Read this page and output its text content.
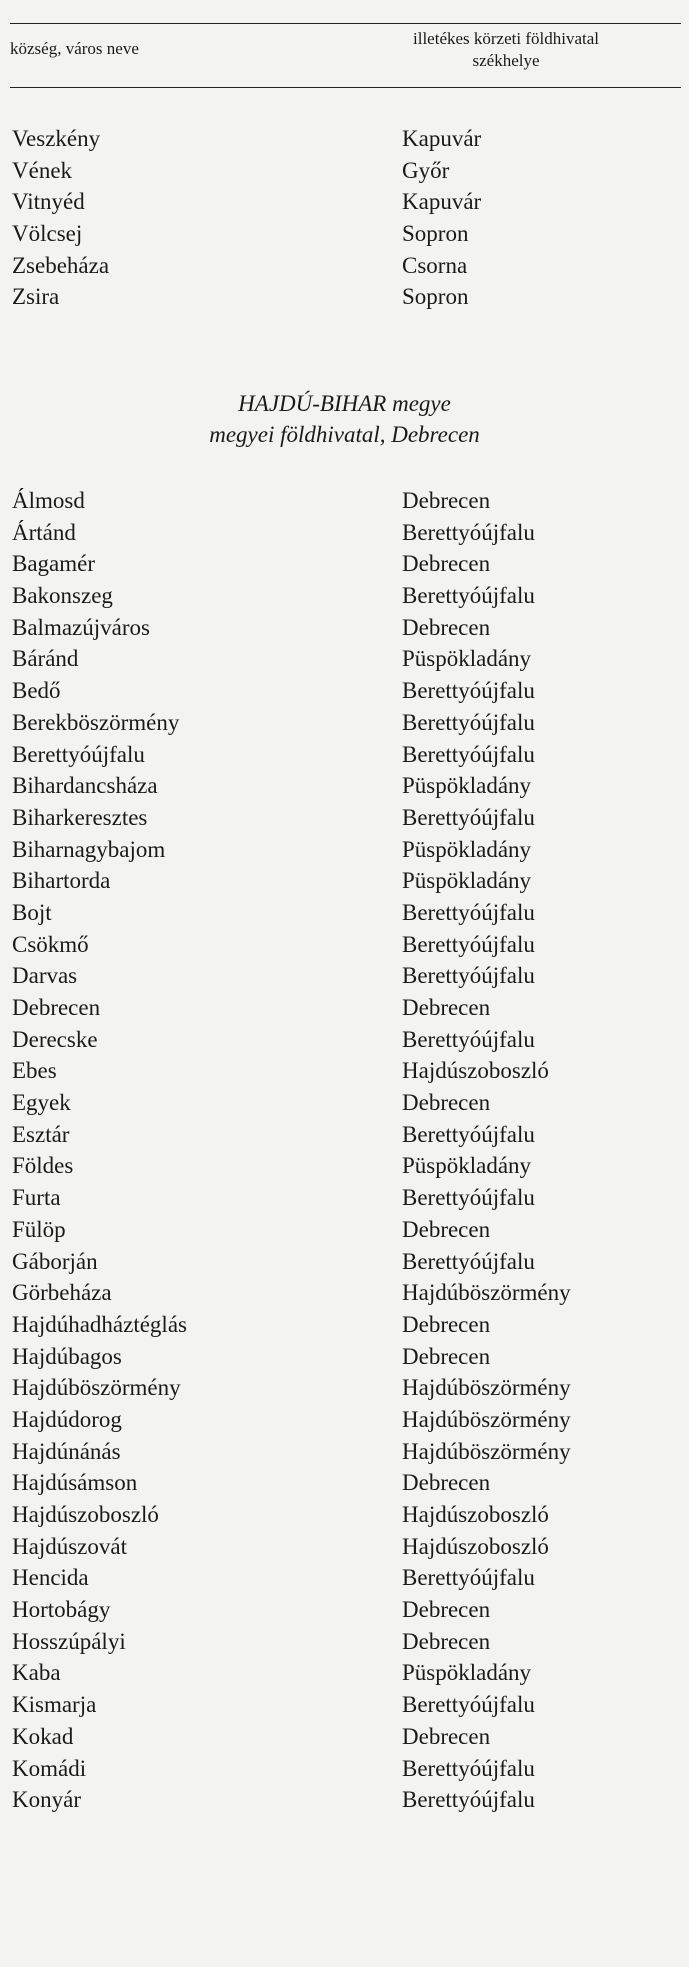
község, város neve
illetékes körzeti földhivatal
székhelye
Veszkény	Kapuvár
Vének	Győr
Vitnyéd	Kapuvár
Völcsej	Sopron
Zsebeháza	Csorna
Zsira	Sopron
HAJDÚ-BIHAR megye
megyei földhivatal, Debrecen
Álmosd	Debrecen
Ártánd	Berettyóújfalu
Bagamér	Debrecen
Bakonszeg	Berettyóújfalu
Balmazújváros	Debrecen
Báránd	Püspökladány
Bedő	Berettyóújfalu
Berekböszörmény	Berettyóújfalu
Berettyóújfalu	Berettyóújfalu
Bihardancsháza	Püspökladány
Biharkeresztes	Berettyóújfalu
Biharnagybajom	Püspökladány
Bihartorda	Püspökladány
Bojt	Berettyóújfalu
Csökmő	Berettyóújfalu
Darvas	Berettyóújfalu
Debrecen	Debrecen
Derecske	Berettyóújfalu
Ebes	Hajdúszoboszló
Egyek	Debrecen
Esztár	Berettyóújfalu
Földes	Püspökladány
Furta	Berettyóújfalu
Fülöp	Debrecen
Gáborján	Berettyóújfalu
Görbeháza	Hajdúböszörmény
Hajdúhadháztéglás	Debrecen
Hajdúbagos	Debrecen
Hajdúböszörmény	Hajdúböszörmény
Hajdúdorog	Hajdúböszörmény
Hajdúnánás	Hajdúböszörmény
Hajdúsámson	Debrecen
Hajdúszoboszló	Hajdúszoboszló
Hajdúszovát	Hajdúszoboszló
Hencida	Berettyóújfalu
Hortobágy	Debrecen
Hosszúpályi	Debrecen
Kaba	Püspökladány
Kismarja	Berettyóújfalu
Kokad	Debrecen
Komádi	Berettyóújfalu
Konyár	Berettyóújfalu
